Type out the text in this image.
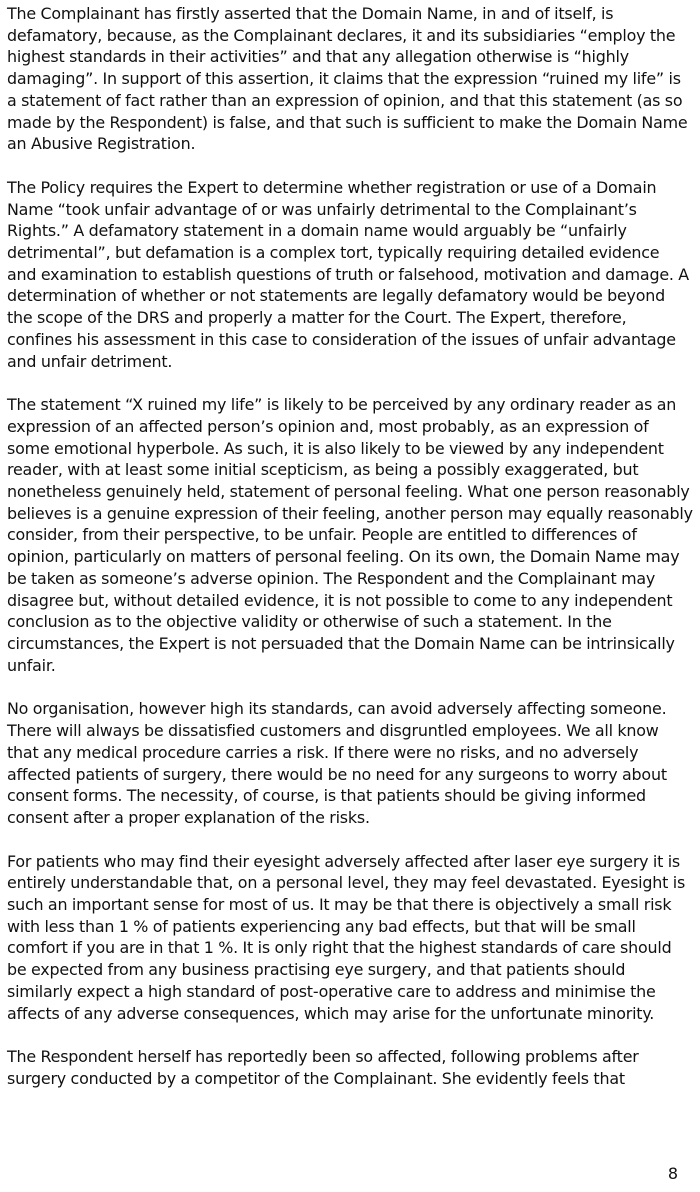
The Complainant has firstly asserted that the Domain Name, in and of itself, is defamatory, because, as the Complainant declares, it and its subsidiaries “employ the highest standards in their activities” and that any allegation otherwise is “highly damaging”. In support of this assertion, it claims that the expression “ruined my life” is a statement of fact rather than an expression of opinion, and that this statement (as so made by the Respondent) is false, and that such is sufficient to make the Domain Name an Abusive Registration.

The Policy requires the Expert to determine whether registration or use of a Domain Name “took unfair advantage of or was unfairly detrimental to the Complainant’s Rights.” A defamatory statement in a domain name would arguably be “unfairly detrimental”, but defamation is a complex tort, typically requiring detailed evidence and examination to establish questions of truth or falsehood, motivation and damage. A determination of whether or not statements are legally defamatory would be beyond the scope of the DRS and properly a matter for the Court. The Expert, therefore, confines his assessment in this case to consideration of the issues of unfair advantage and unfair detriment.

The statement “X ruined my life” is likely to be perceived by any ordinary reader as an expression of an affected person’s opinion and, most probably, as an expression of some emotional hyperbole. As such, it is also likely to be viewed by any independent reader, with at least some initial scepticism, as being a possibly exaggerated, but nonetheless genuinely held, statement of personal feeling. What one person reasonably believes is a genuine expression of their feeling, another person may equally reasonably consider, from their perspective, to be unfair. People are entitled to differences of opinion, particularly on matters of personal feeling. On its own, the Domain Name may be taken as someone’s adverse opinion. The Respondent and the Complainant may disagree but, without detailed evidence, it is not possible to come to any independent conclusion as to the objective validity or otherwise of such a statement. In the circumstances, the Expert is not persuaded that the Domain Name can be intrinsically unfair.

No organisation, however high its standards, can avoid adversely affecting someone. There will always be dissatisfied customers and disgruntled employees. We all know that any medical procedure carries a risk. If there were no risks, and no adversely affected patients of surgery, there would be no need for any surgeons to worry about consent forms. The necessity, of course, is that patients should be giving informed consent after a proper explanation of the risks.

For patients who may find their eyesight adversely affected after laser eye surgery it is entirely understandable that, on a personal level, they may feel devastated. Eyesight is such an important sense for most of us. It may be that there is objectively a small risk with less than 1 % of patients experiencing any bad effects, but that will be small comfort if you are in that 1 %. It is only right that the highest standards of care should be expected from any business practising eye surgery, and that patients should similarly expect a high standard of post-operative care to address and minimise the affects of any adverse consequences, which may arise for the unfortunate minority.

The Respondent herself has reportedly been so affected, following problems after surgery conducted by a competitor of the Complainant. She evidently feels that

8
